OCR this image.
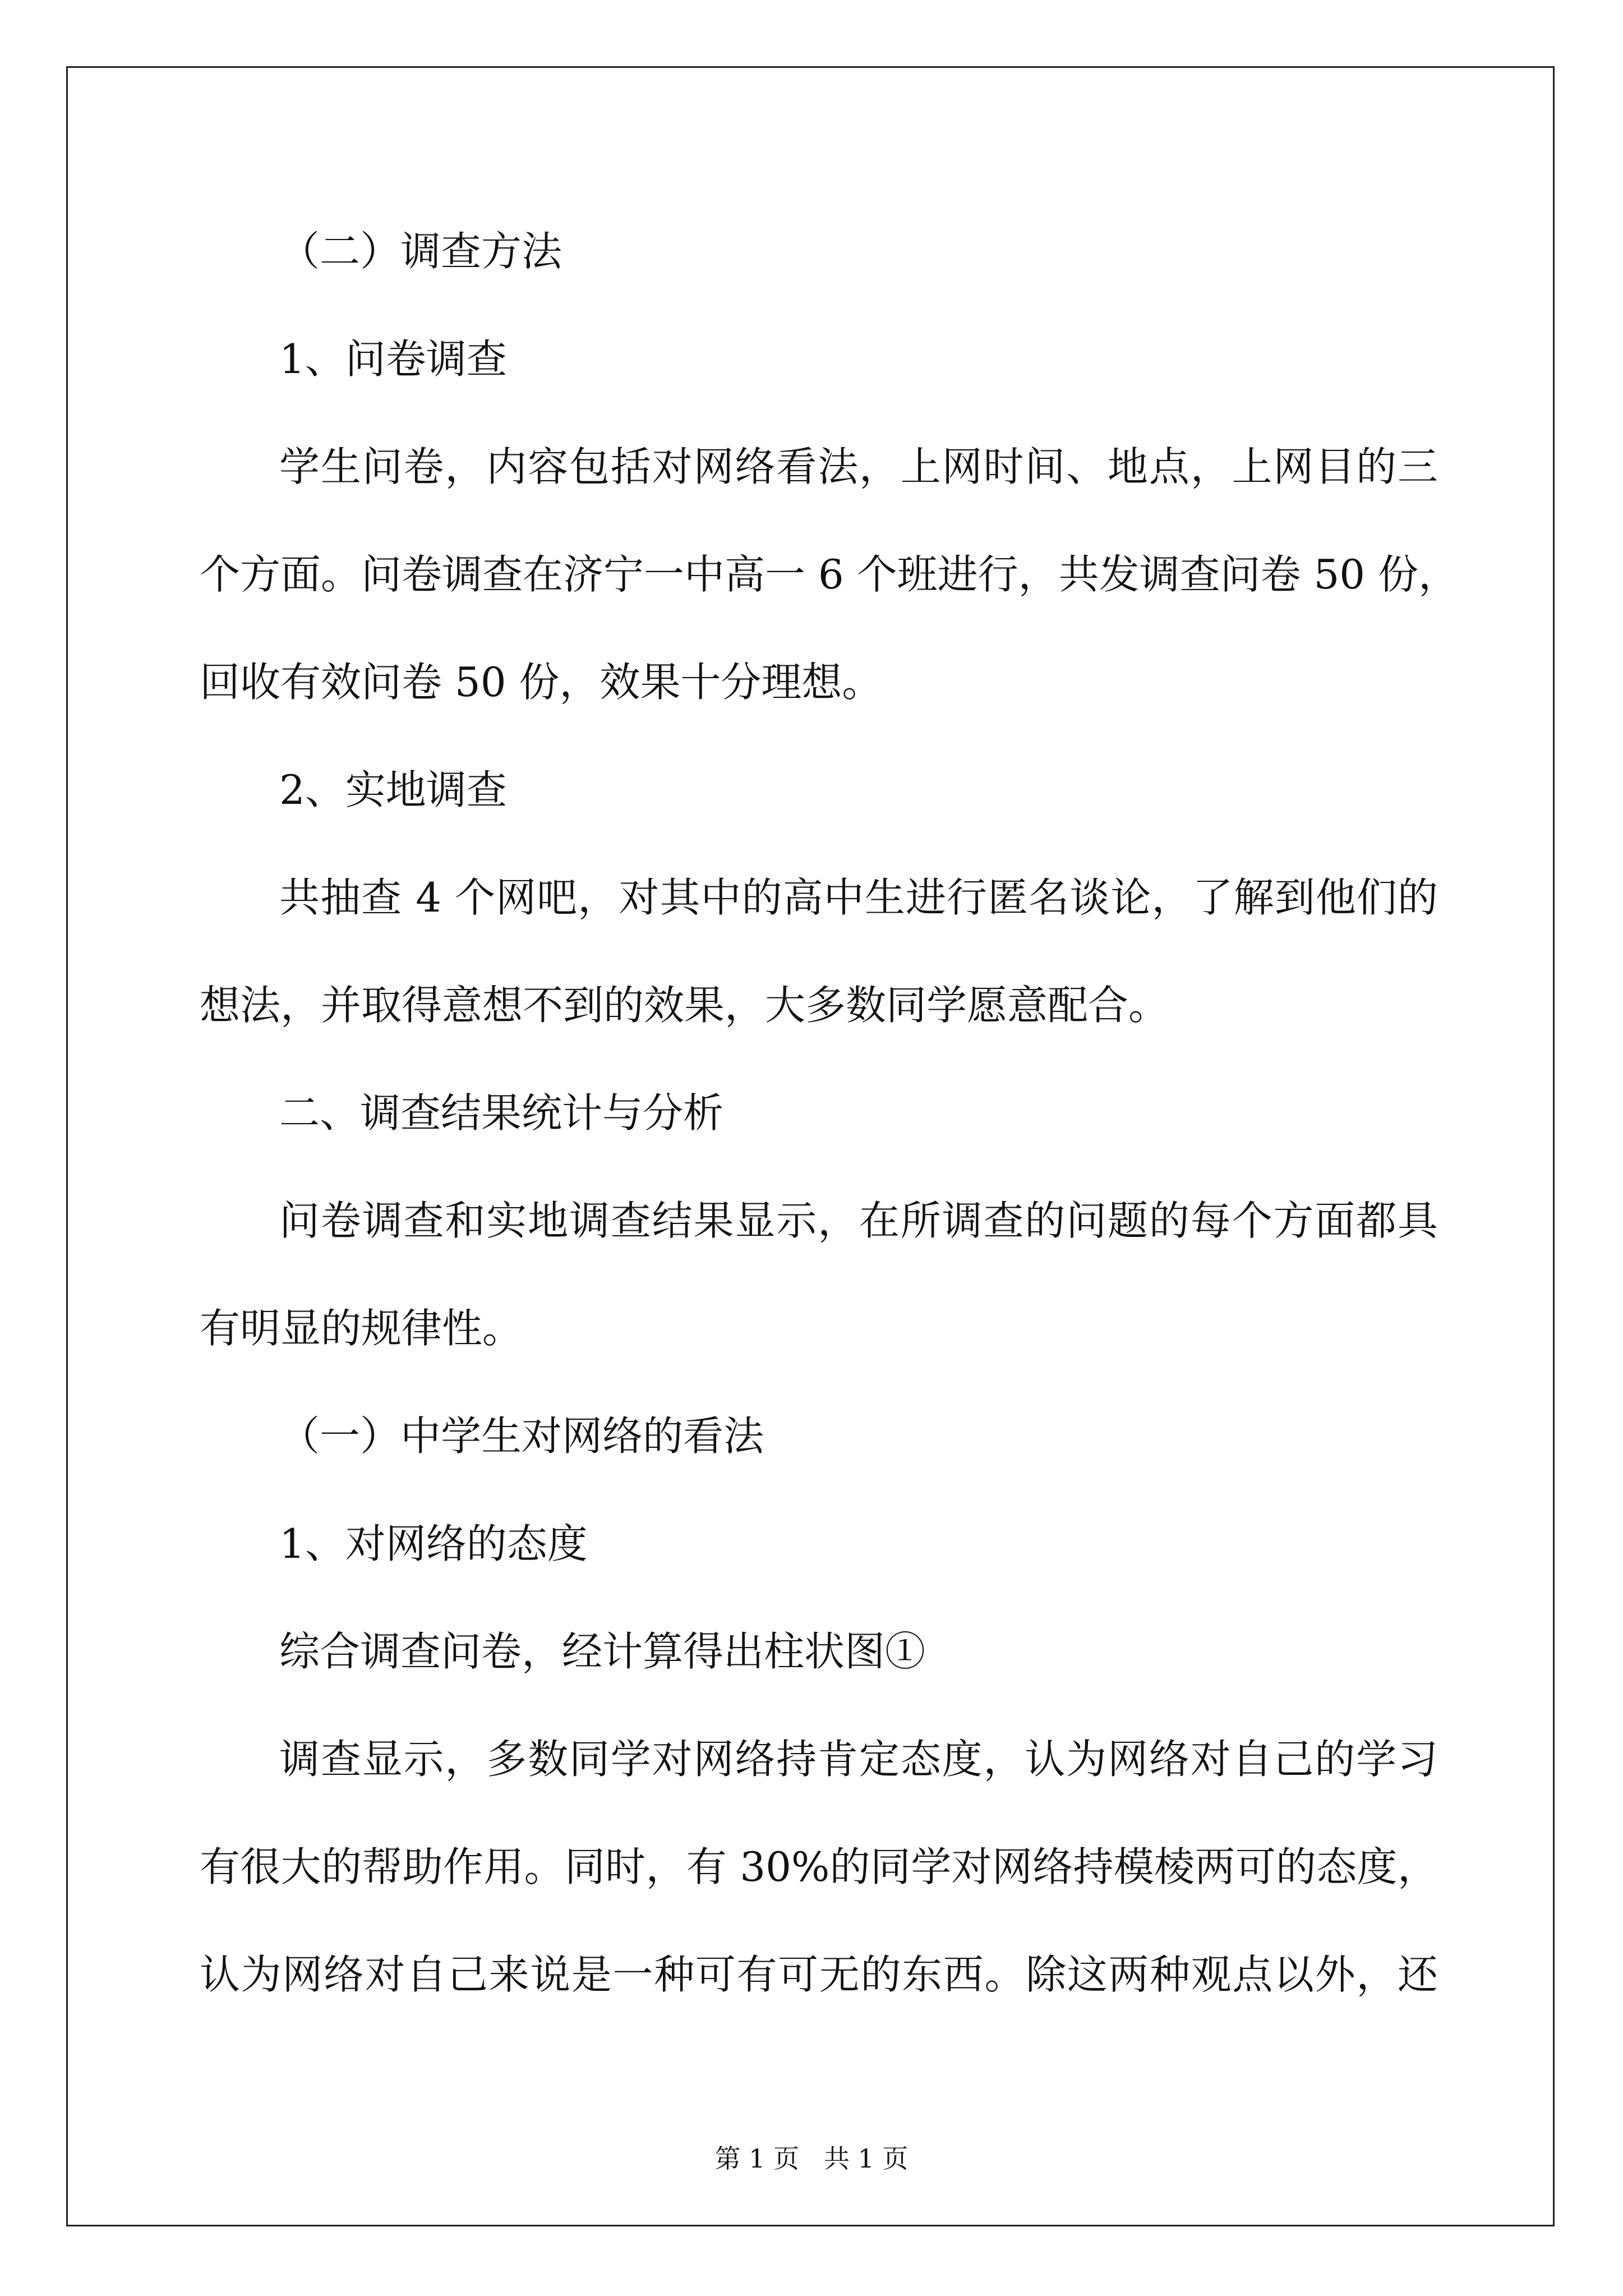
（二）调查方法
1、问卷调查
学生问卷，内容包括对网络看法，上网时间、地点，上网目的三
个方面。问卷调查在济宁一中高一 6 个班进行，共发调查问卷 50 份，
回收有效问卷 50 份，效果十分理想。
2、实地调查
共抽查 4 个网吧，对其中的高中生进行匿名谈论，了解到他们的
想法，并取得意想不到的效果，大多数同学愿意配合。
二、调查结果统计与分析
问卷调查和实地调查结果显示，在所调查的问题的每个方面都具
有明显的规律性。
（一）中学生对网络的看法
1、对网络的态度
综合调查问卷，经计算得出柱状图①
调查显示，多数同学对网络持肯定态度，认为网络对自己的学习
有很大的帮助作用。同时，有 30%的同学对网络持模棱两可的态度，
认为网络对自己来说是一种可有可无的东西。除这两种观点以外，还
第 1 页   共 1 页
